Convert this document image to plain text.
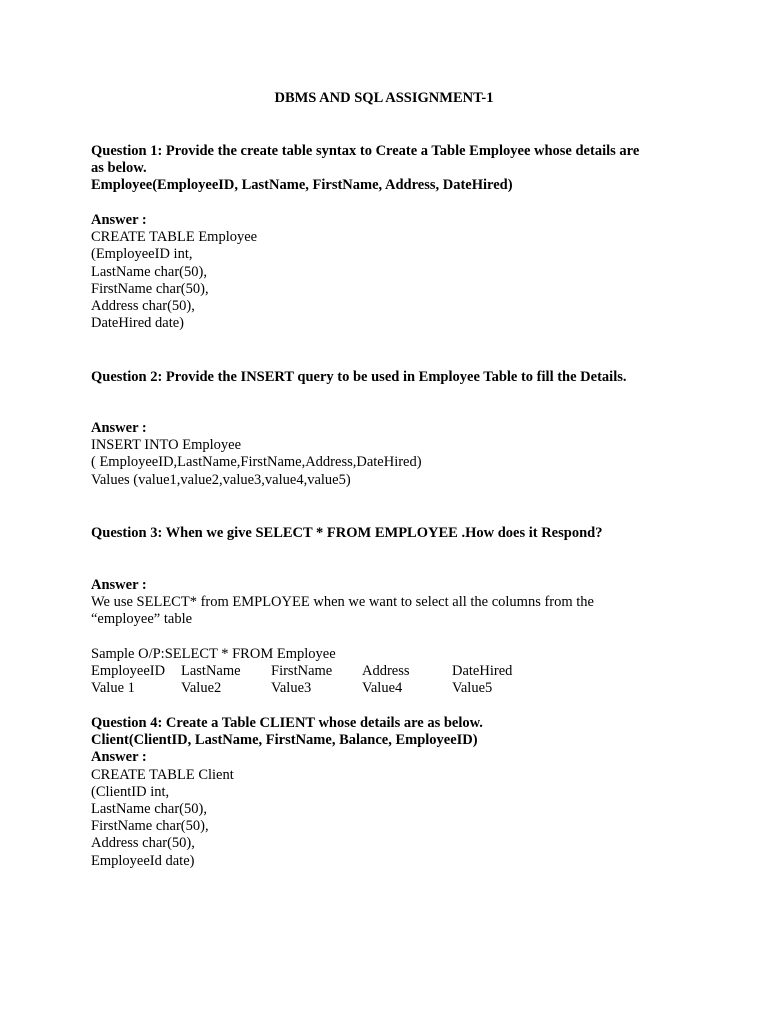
DBMS AND SQL ASSIGNMENT-1
Question 1: Provide the create table syntax to Create a Table Employee whose details are
as below.
Employee(EmployeeID, LastName, FirstName, Address, DateHired)
Answer :
CREATE TABLE Employee
(EmployeeID int,
LastName char(50),
FirstName char(50),
Address char(50),
DateHired date)
Question 2: Provide the INSERT query to be used in Employee Table to fill the Details.
Answer :
INSERT INTO Employee
( EmployeeID,LastName,FirstName,Address,DateHired)
Values (value1,value2,value3,value4,value5)
Question 3: When we give SELECT * FROM EMPLOYEE .How does it Respond?
Answer :
We use SELECT* from EMPLOYEE when we want to select all the columns from the
“employee” table
Sample O/P:SELECT * FROM Employee
EmployeeID LastName FirstName Address	DateHired
Value 1	Value2	Value3	Value4	Value5
Question 4: Create a Table CLIENT whose details are as below.
Client(ClientID, LastName, FirstName, Balance, EmployeeID)
Answer :
CREATE TABLE Client
(ClientID int,
LastName char(50),
FirstName char(50),
Address char(50),
EmployeeId date)
